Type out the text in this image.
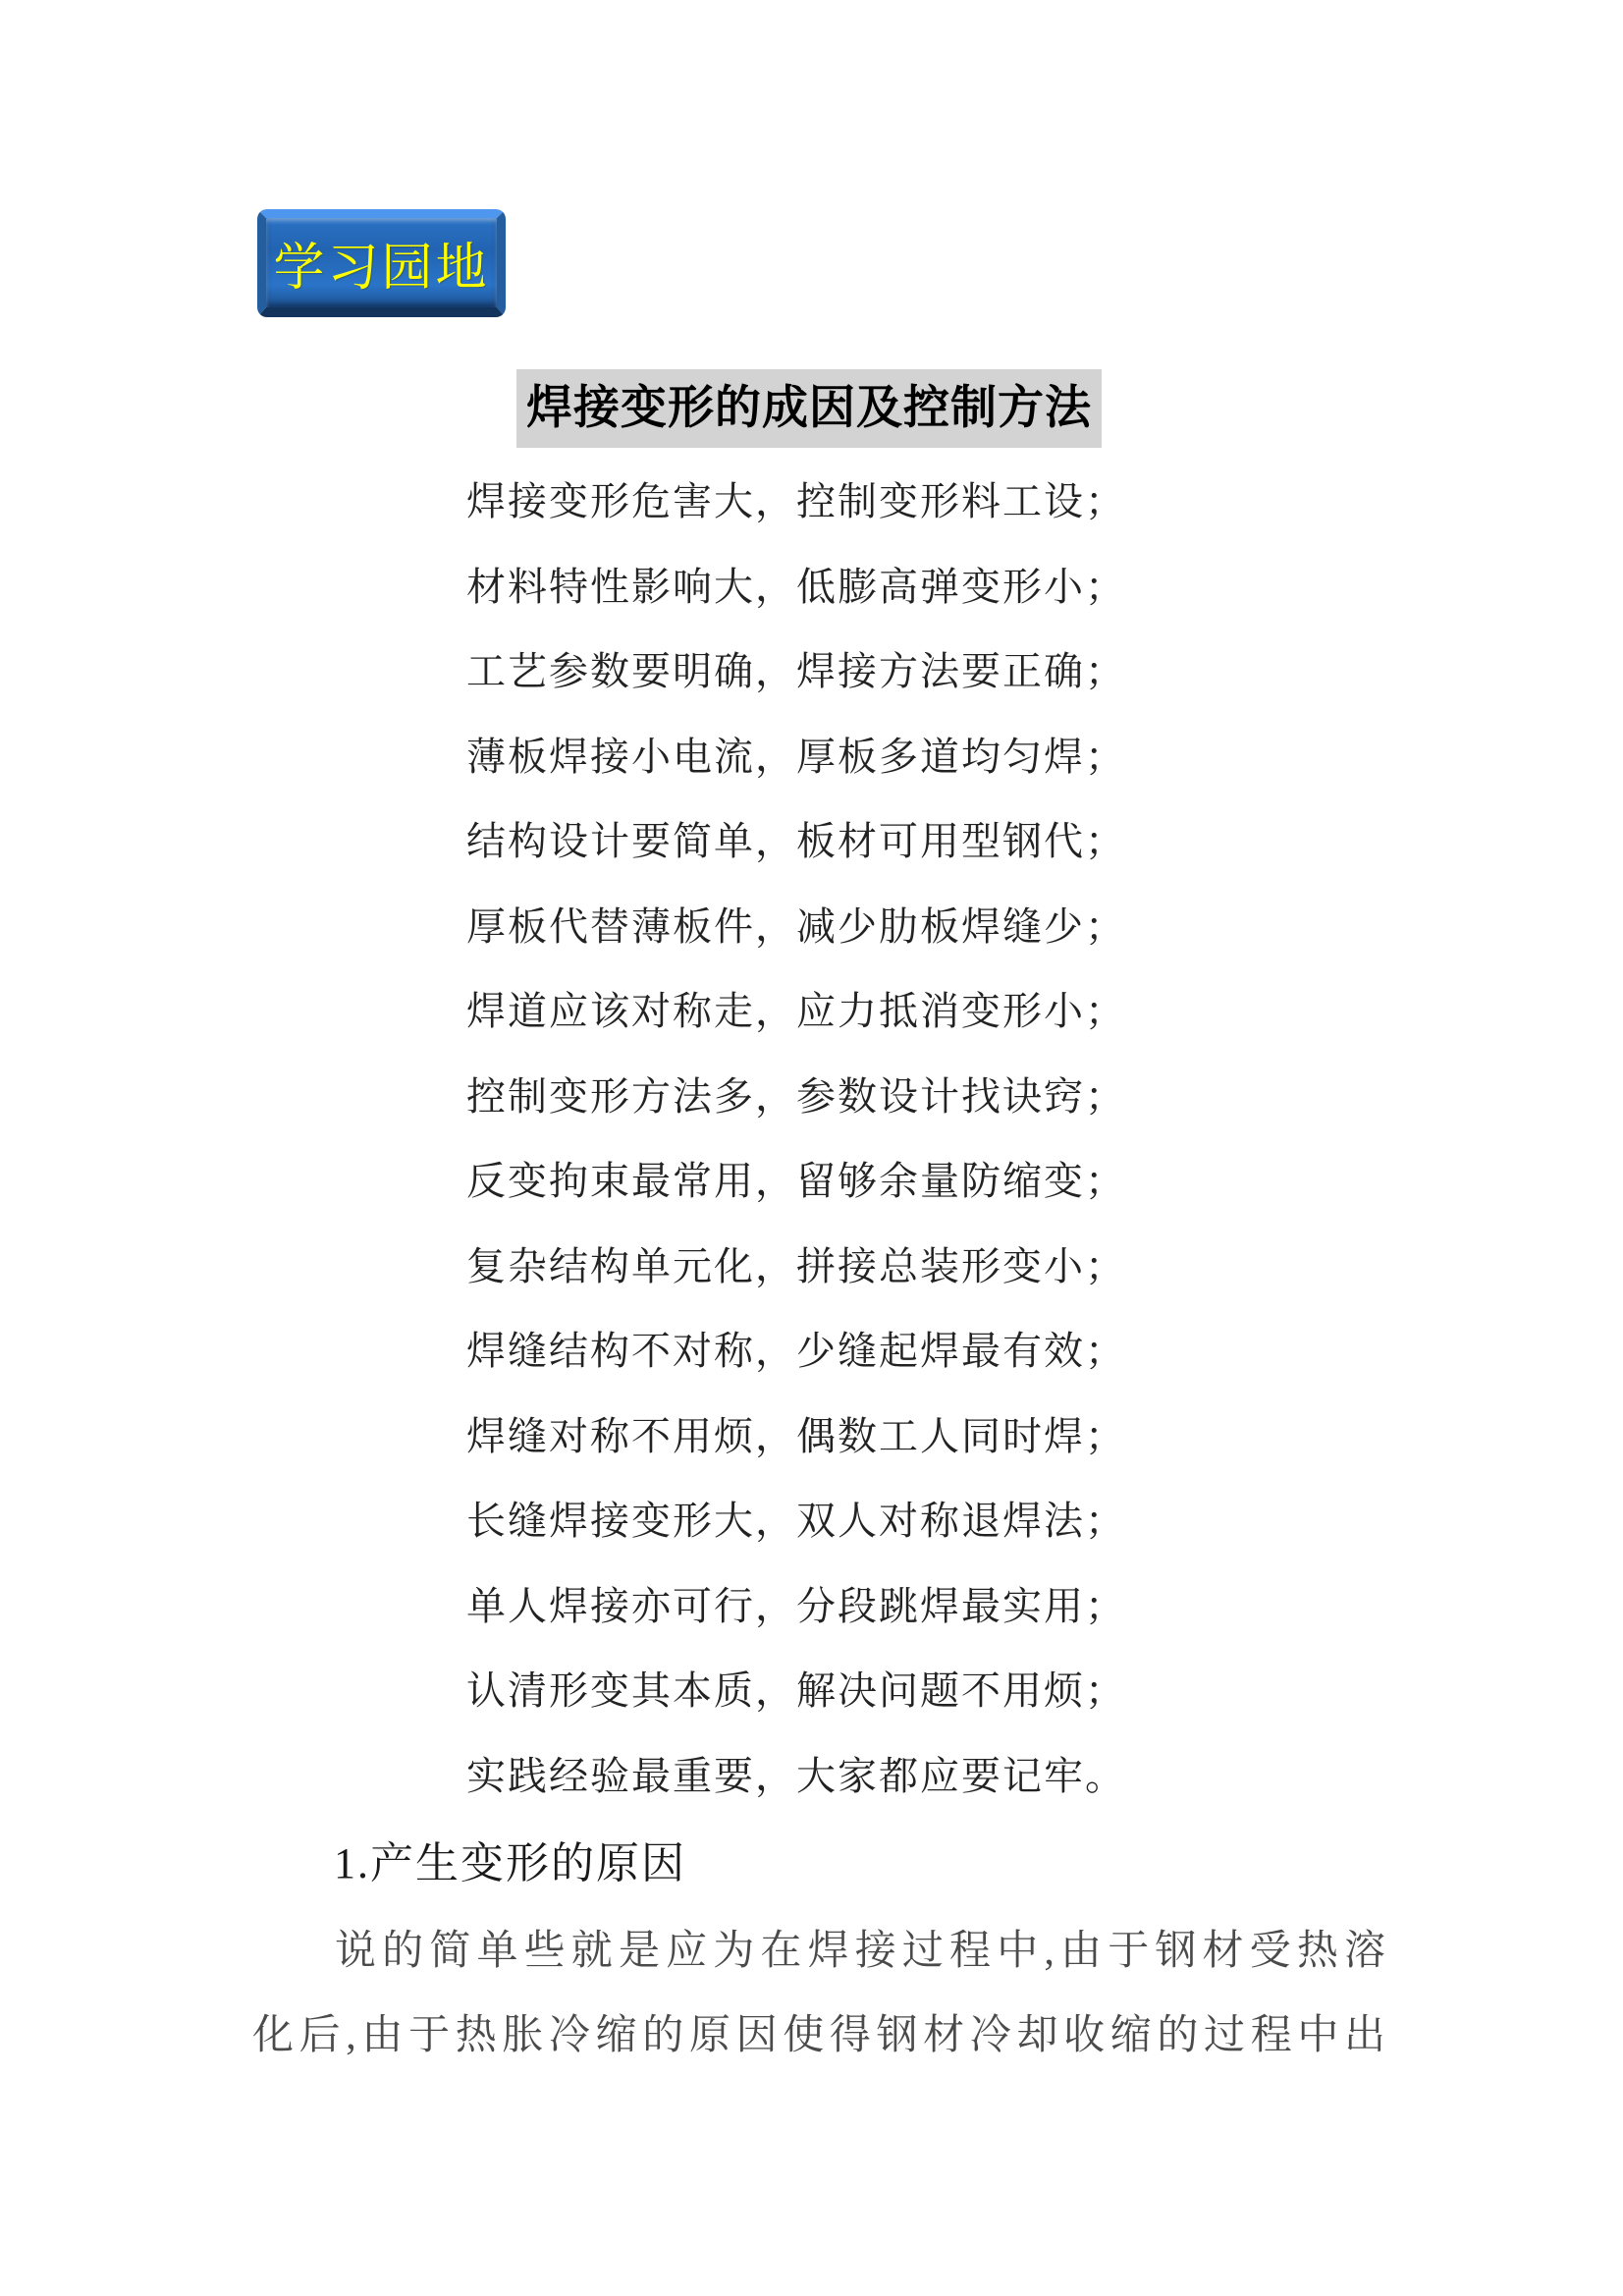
学习园地
焊接变形的成因及控制方法
焊接变形危害大，控制变形料工设；
材料特性影响大，低膨高弹变形小；
工艺参数要明确，焊接方法要正确；
薄板焊接小电流，厚板多道均匀焊；
结构设计要简单，板材可用型钢代；
厚板代替薄板件，减少肋板焊缝少；
焊道应该对称走，应力抵消变形小；
控制变形方法多，参数设计找诀窍；
反变拘束最常用，留够余量防缩变；
复杂结构单元化，拼接总装形变小；
焊缝结构不对称，少缝起焊最有效；
焊缝对称不用烦，偶数工人同时焊；
长缝焊接变形大，双人对称退焊法；
单人焊接亦可行，分段跳焊最实用；
认清形变其本质，解决问题不用烦；
实践经验最重要，大家都应要记牢。
1.产生变形的原因
说的简单些就是应为在焊接过程中,由于钢材受热溶
化后,由于热胀冷缩的原因使得钢材冷却收缩的过程中出
